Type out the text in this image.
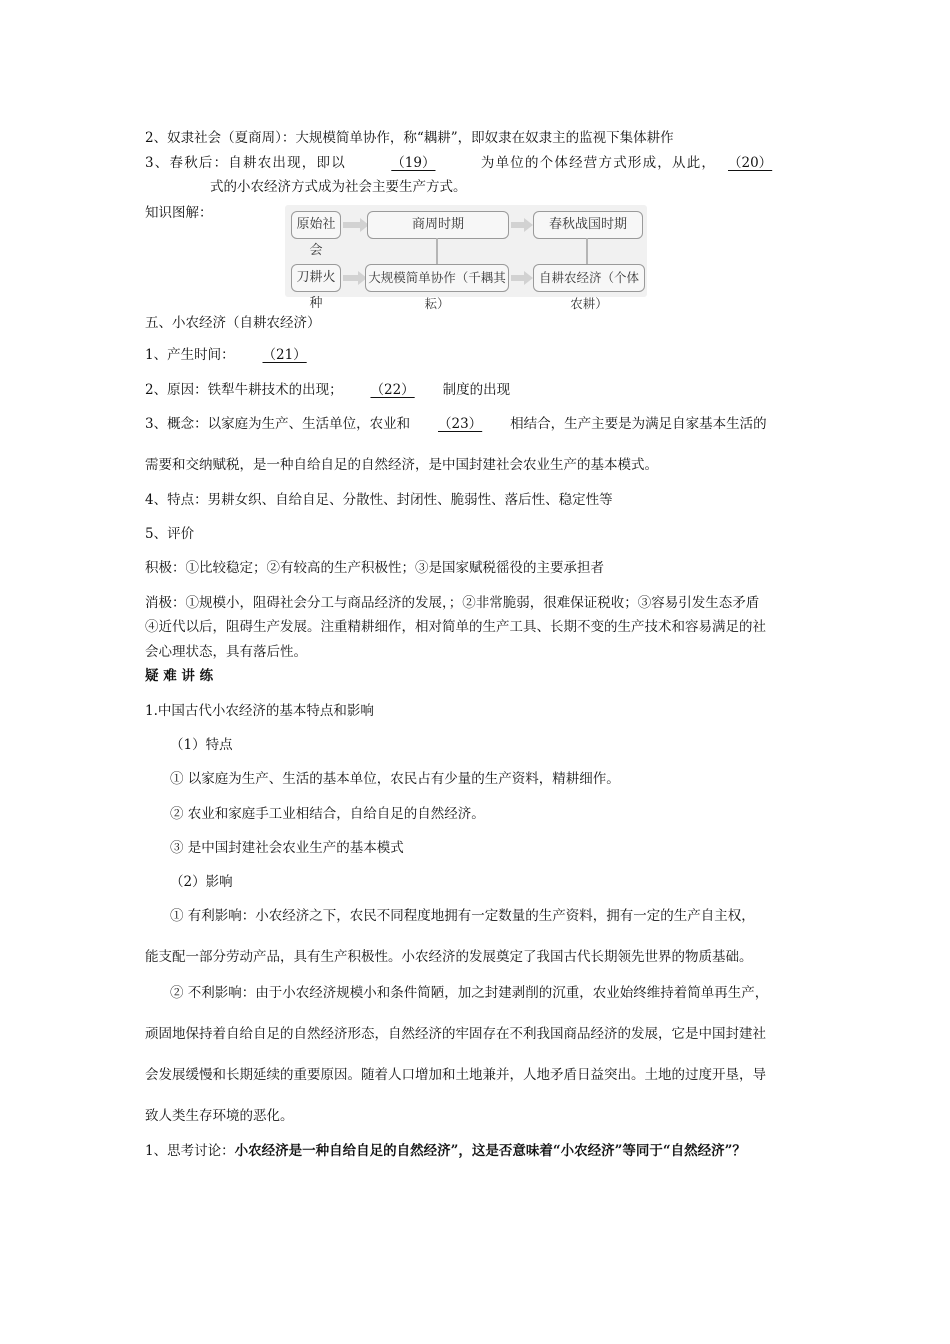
2、奴隶社会（夏商周）：大规模简单协作，称“耦耕”，即奴隶在奴隶主的监视下集体耕作
3、春秋后：自耕农出现，即以	（19）	为单位的个体经营方式形成，从此， （20）
式的小农经济方式成为社会主要生产方式。
知识图解：
原始社会
商周时期	春秋战国时期
刀耕火种
大规模简单协作（千耦其耘）
自耕农经济（个体农耕）
五、小农经济（自耕农经济）
1、产生时间： （21）
2、原因：铁犁牛耕技术的出现； （22） 制度的出现
3、概念：以家庭为生产、生活单位，农业和 （23） 相结合，生产主要是为满足自家基本生活的
需要和交纳赋税，是一种自给自足的自然经济，是中国封建社会农业生产的基本模式。
4、特点：男耕女织、自给自足、分散性、封闭性、脆弱性、落后性、稳定性等
5、评价
积极：①比较稳定；②有较高的生产积极性；③是国家赋税徭役的主要承担者
消极：①规模小，阻碍社会分工与商品经济的发展，；②非常脆弱，很难保证税收；③容易引发生态矛盾
④近代以后，阻碍生产发展。注重精耕细作，相对简单的生产工具、长期不变的生产技术和容易满足的社
会心理状态，具有落后性。
疑 难 讲 练
1.中国古代小农经济的基本特点和影响
（1）特点
① 以家庭为生产、生活的基本单位，农民占有少量的生产资料，精耕细作。
② 农业和家庭手工业相结合，自给自足的自然经济。
③ 是中国封建社会农业生产的基本模式
（2）影响
① 有利影响：小农经济之下，农民不同程度地拥有一定数量的生产资料，拥有一定的生产自主权，
能支配一部分劳动产品，具有生产积极性。小农经济的发展奠定了我国古代长期领先世界的物质基础。
② 不利影响：由于小农经济规模小和条件简陋，加之封建剥削的沉重，农业始终维持着简单再生产，
顽固地保持着自给自足的自然经济形态，自然经济的牢固存在不利我国商品经济的发展，它是中国封建社
会发展缓慢和长期延续的重要原因。随着人口增加和土地兼并，人地矛盾日益突出。土地的过度开垦，导
致人类生存环境的恶化。
1、思考讨论：小农经济是一种自给自足的自然经济”，这是否意味着“小农经济”等同于“自然经济”？
